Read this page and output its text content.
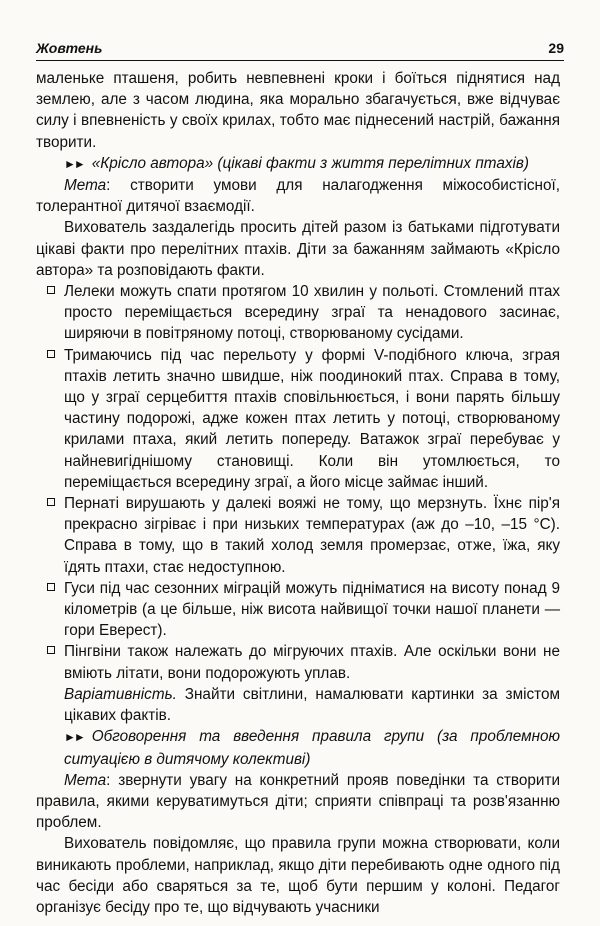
Жовтень	29

маленьке пташеня, робить невпевнені кроки і боїться піднятися над землею, але з часом людина, яка морально збагачується, вже відчуває силу і впевненість у своїх крилах, тобто має піднесений настрій, бажання творити.

►► «Крісло автора» (цікаві факти з життя перелітних птахів)

Мета: створити умови для налагодження міжособистісної, толерантної дитячої взаємодії.

Вихователь заздалегідь просить дітей разом із батьками підготувати цікаві факти про перелітних птахів. Діти за бажанням займають «Крісло автора» та розповідають факти.

Лелеки можуть спати протягом 10 хвилин у польоті. Стомлений птах просто переміщається всередину зграї та ненадового засинає, ширяючи в повітряному потоці, створюваному сусідами.
Тримаючись під час перельоту у формі V-подібного ключа, зграя птахів летить значно швидше, ніж поодинокий птах. Справа в тому, що у зграї серцебиття птахів сповільнюється, і вони парять більшу частину подорожі, адже кожен птах летить у потоці, створюваному крилами птаха, який летить попереду. Ватажок зграї перебуває у найневигіднішому становищі. Коли він утомлюється, то переміщається всередину зграї, а його місце займає інший.
Пернаті вирушають у далекі вояжі не тому, що мерзнуть. Їхнє пір'я прекрасно зігріває і при низьких температурах (аж до –10, –15 °С). Справа в тому, що в такий холод земля промерзає, отже, їжа, яку їдять птахи, стає недоступною.
Гуси під час сезонних міграцій можуть підніматися на висоту понад 9 кілометрів (а це більше, ніж висота найвищої точки нашої планети — гори Еверест).
Пінгвіни також належать до мігруючих птахів. Але оскільки вони не вміють літати, вони подорожують уплав.

Варіативність. Знайти світлини, намалювати картинки за змістом цікавих фактів.

►► Обговорення та введення правила групи (за проблемною ситуацією в дитячому колективі)

Мета: звернути увагу на конкретний прояв поведінки та створити правила, якими керуватимуться діти; сприяти співпраці та розв'язанню проблем.

Вихователь повідомляє, що правила групи можна створювати, коли виникають проблеми, наприклад, якщо діти перебивають одне одного під час бесіди або сваряться за те, щоб бути першим у колоні. Педагог організує бесіду про те, що відчувають учасники
